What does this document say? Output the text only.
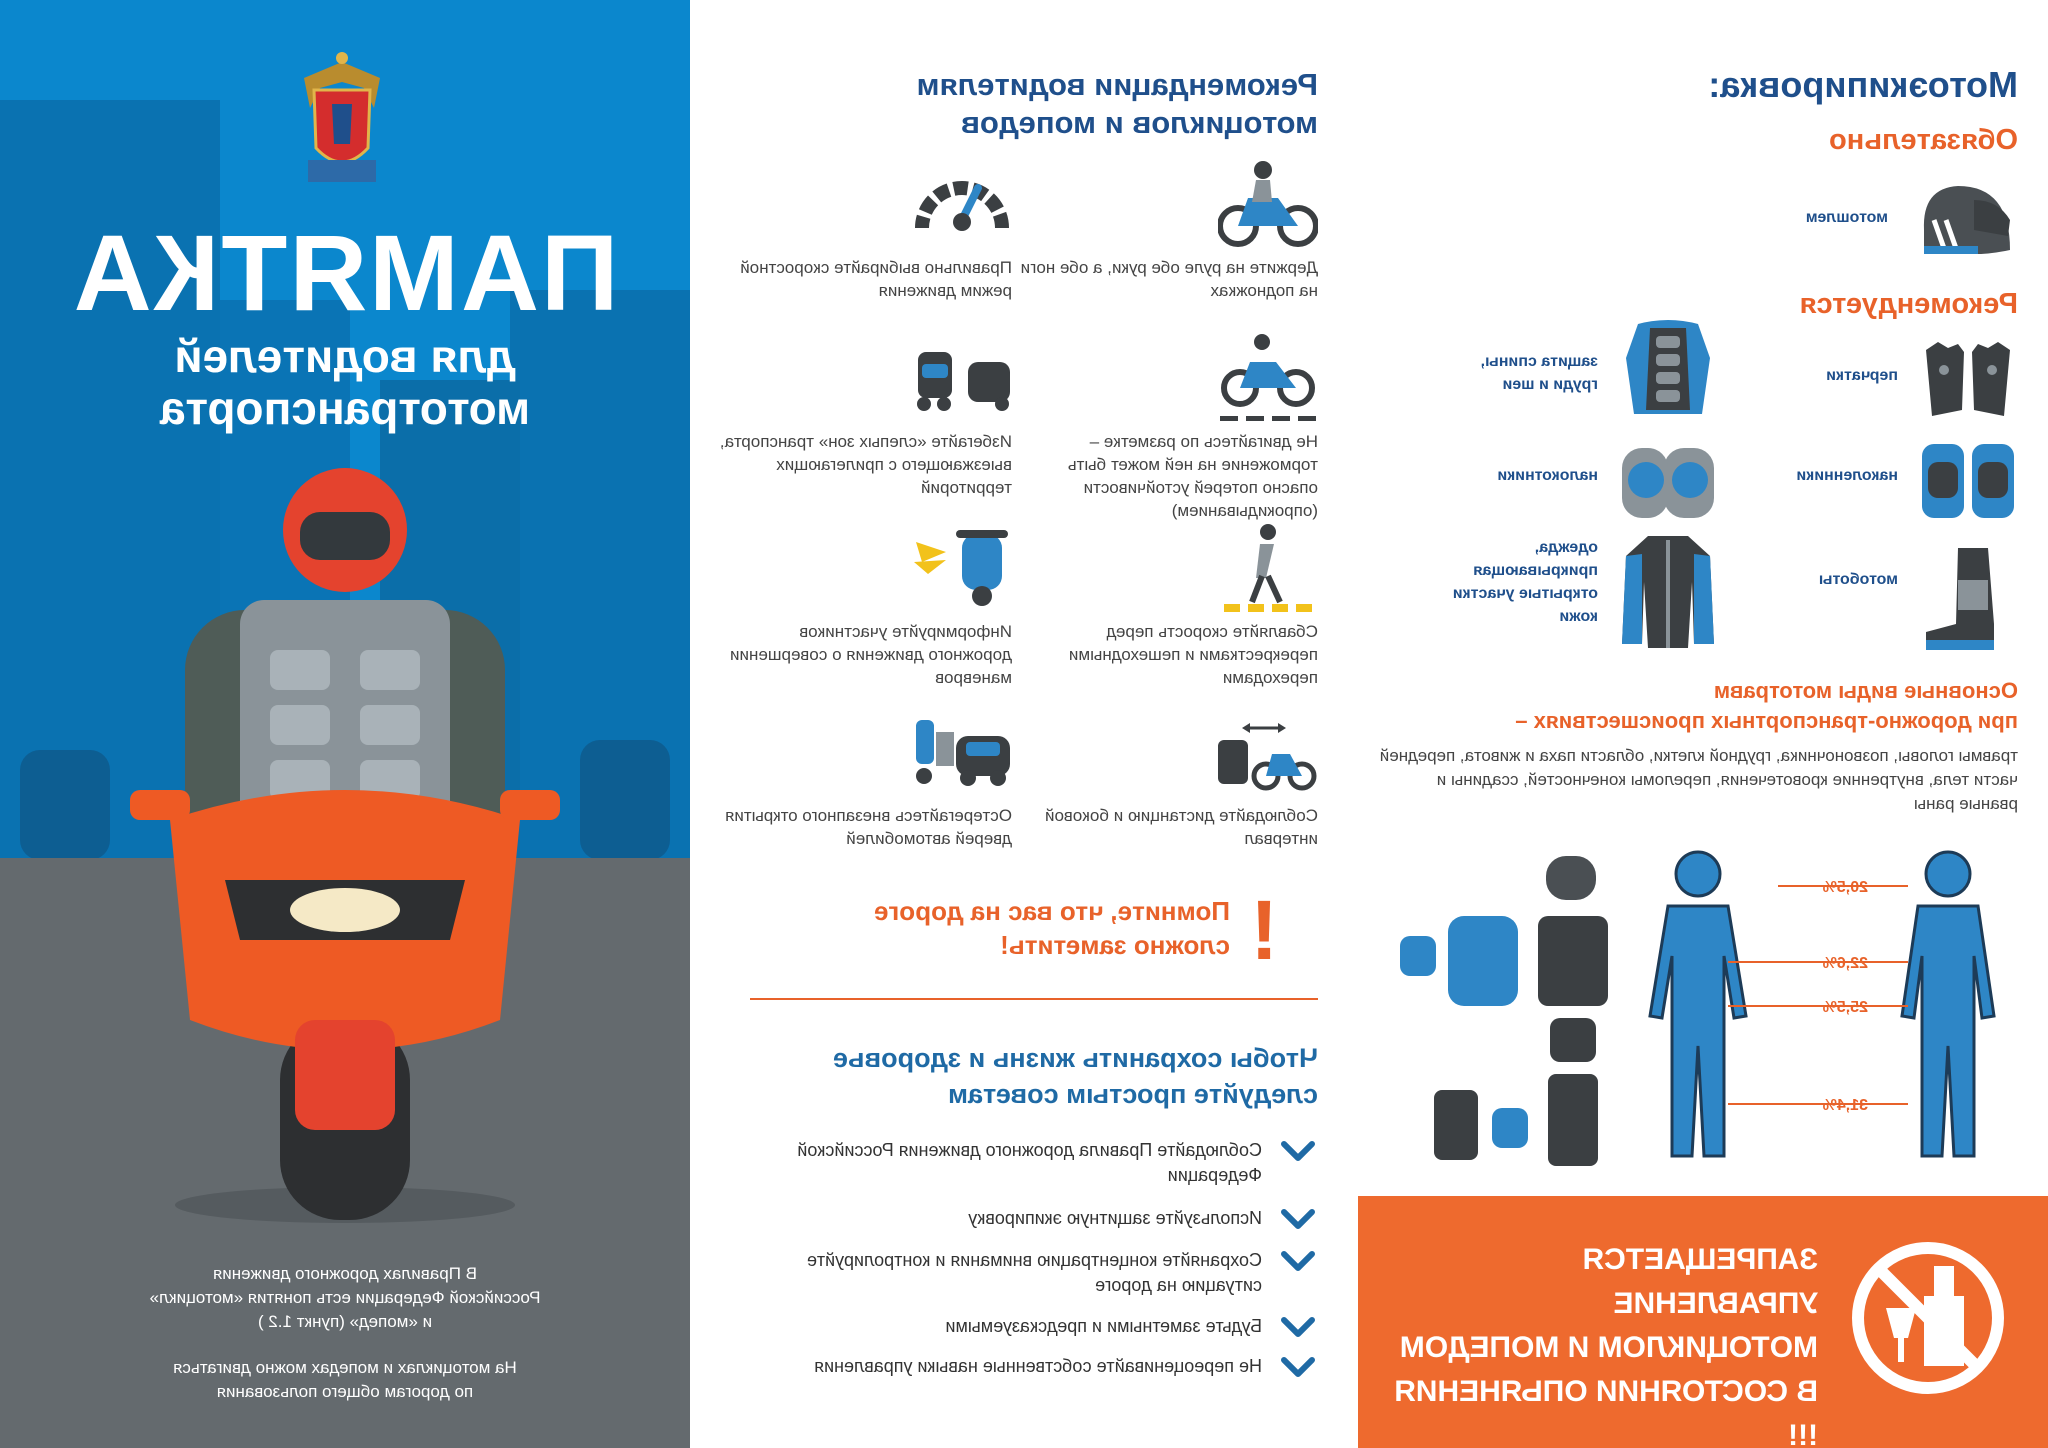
ПАМЯТКА
для водителей
мототранспорта
В Правилах дорожного движения
Российской Федерации есть понятия «мотоцикл»
и «мопед» (пункт 1.2 )
На мотоциклах и мопедах можно двигаться
по дорогам общего пользования
Рекомендации водителям
мотоциклов и мопедов
Держите на руле обе руки, а обе ноги на подножках
Правильно выбирайте скоростной режим движения
Не двигайтесь по разметке – торможение на ней может быть опасно потерей устойчивости (опрокидыванием)
Избегайте «слепых зон» транспорта, выезжающего с прилегающих территорий
Сбавляйте скорость перед перекрестками и пешеходными переходами
Информируйте участников дорожного движения о совершении маневров
Соблюдайте дистанцию и боковой интервал
Остерегайтесь внезапного открытия дверей автомобилей
!
Помните, что вас на дороге
сложно заметить!
Чтобы сохранить жизнь и здоровье
следуйте простым советам
Соблюдайте Правила дорожного движения Российской Федерации
Используйте защитную экипировку
Сохраняйте концентрацию внимания и контролируйте ситуацию на дороге
Будьте заметными и предсказуемыми
Не переоценивайте собственные навыки управления
Мотоэкипировка:
Обязательно
мотошлем
Рекомендуется
перчатки
защита спины,
груди и шеи
наколенники
налокотники
мотоботы
одежда,
прикрывающая
открытые участки
кожи
Основные виды мототравм
при дорожно-транспортных происшествиях –
травмы головы, позвоночника, грудной клетки, области паха и живота, передней части тела, внутренние кровотечения, переломы конечностей, ссадины и рваные раны
20,5%
22,6%
25,5%
31,4%
ЗАПРЕЩАЕТСЯ УПРАВЛЕНИЕ
МОТОЦИКЛОМ И МОПЕДОМ
В СОСТОЯНИИ ОПЬЯНЕНИЯ !!!
